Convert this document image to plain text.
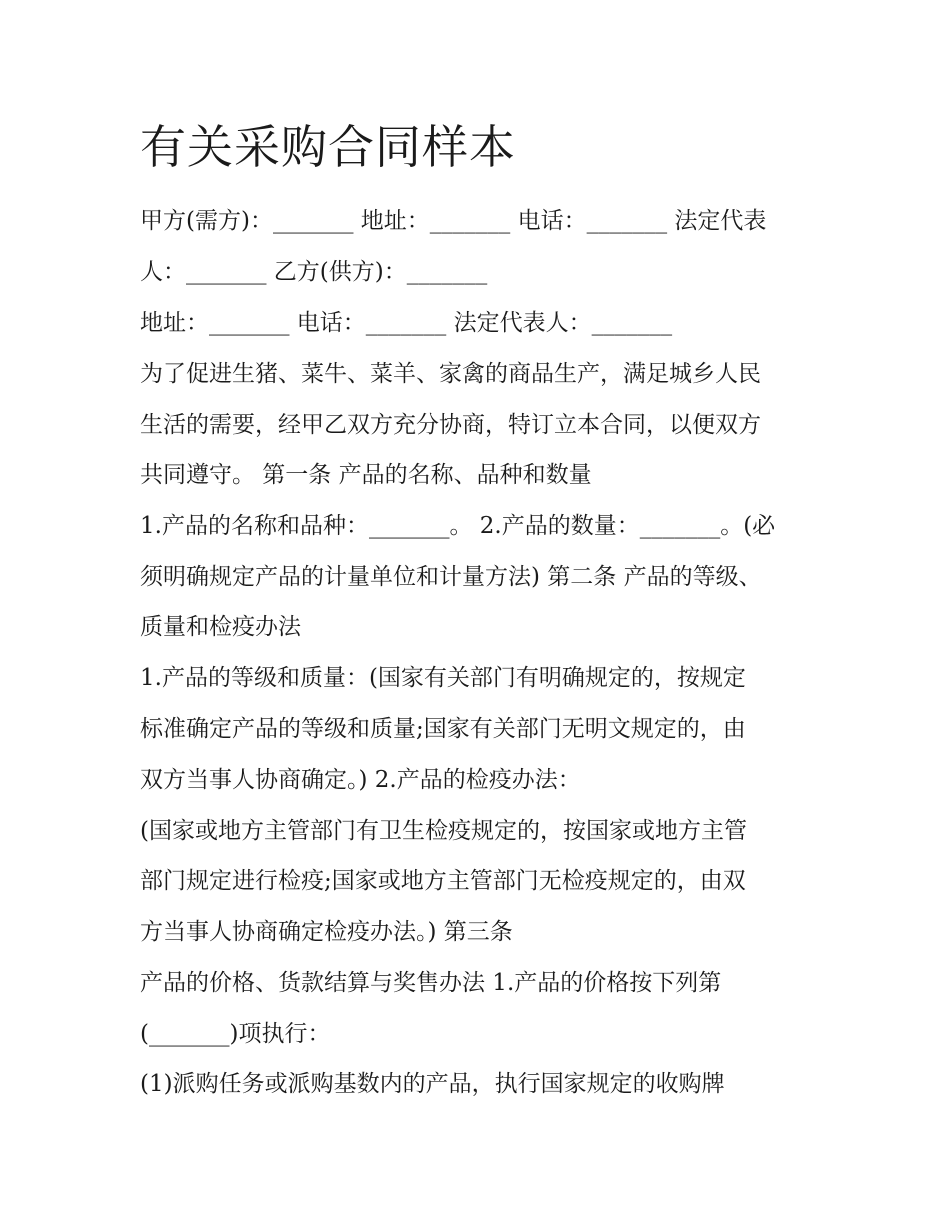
有关采购合同样本

甲方(需方)：_______ 地址：_______ 电话：_______ 法定代表

人：_______ 乙方(供方)：_______

地址：_______ 电话：_______ 法定代表人：_______

为了促进生猪、菜牛、菜羊、家禽的商品生产，满足城乡人民

生活的需要，经甲乙双方充分协商，特订立本合同，以便双方

共同遵守。 第一条 产品的名称、品种和数量

1.产品的名称和品种：_______。 2.产品的数量：_______。(必

须明确规定产品的计量单位和计量方法) 第二条 产品的等级、

质量和检疫办法

1.产品的等级和质量：(国家有关部门有明确规定的，按规定

标准确定产品的等级和质量;国家有关部门无明文规定的，由

双方当事人协商确定。) 2.产品的检疫办法：

(国家或地方主管部门有卫生检疫规定的，按国家或地方主管

部门规定进行检疫;国家或地方主管部门无检疫规定的，由双

方当事人协商确定检疫办法。) 第三条

产品的价格、货款结算与奖售办法 1.产品的价格按下列第

(_______)项执行：

(1)派购任务或派购基数内的产品，执行国家规定的收购牌
